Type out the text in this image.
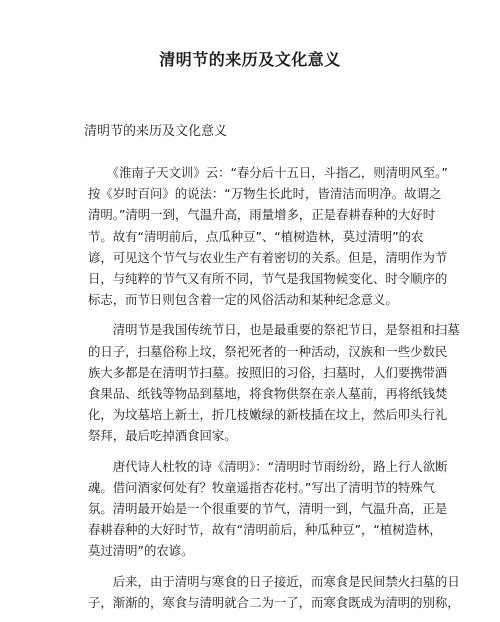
清明节的来历及文化意义

清明节的来历及文化意义

　　《淮南子天文训》云：“春分后十五日，斗指乙，则清明风至。”
按《岁时百问》的说法：“万物生长此时，皆清洁而明净。故谓之
清明。”清明一到，气温升高，雨量增多，正是春耕春种的大好时
节。故有“清明前后，点瓜种豆”、“植树造林，莫过清明”的农
谚，可见这个节气与农业生产有着密切的关系。但是，清明作为节
日，与纯粹的节气又有所不同，节气是我国物候变化、时令顺序的
标志，而节日则包含着一定的风俗活动和某种纪念意义。

　　清明节是我国传统节日，也是最重要的祭祀节日，是祭祖和扫墓
的日子，扫墓俗称上坟，祭祀死者的一种活动，汉族和一些少数民
族大多都是在清明节扫墓。按照旧的习俗，扫墓时，人们要携带酒
食果品、纸钱等物品到墓地，将食物供祭在亲人墓前，再将纸钱焚
化，为坟墓培上新土，折几枝嫩绿的新枝插在坟上，然后叩头行礼
祭拜，最后吃掉酒食回家。

　　唐代诗人杜牧的诗《清明》：“清明时节雨纷纷，路上行人欲断
魂。借问酒家何处有？牧童遥指杏花村。”写出了清明节的特殊气
氛。清明最开始是一个很重要的节气，清明一到，气温升高，正是
春耕春种的大好时节，故有“清明前后，种瓜种豆”，“植树造林，
莫过清明”的农谚。

　　后来，由于清明与寒食的日子接近，而寒食是民间禁火扫墓的日
子，渐渐的，寒食与清明就合二为一了，而寒食既成为清明的别称，
